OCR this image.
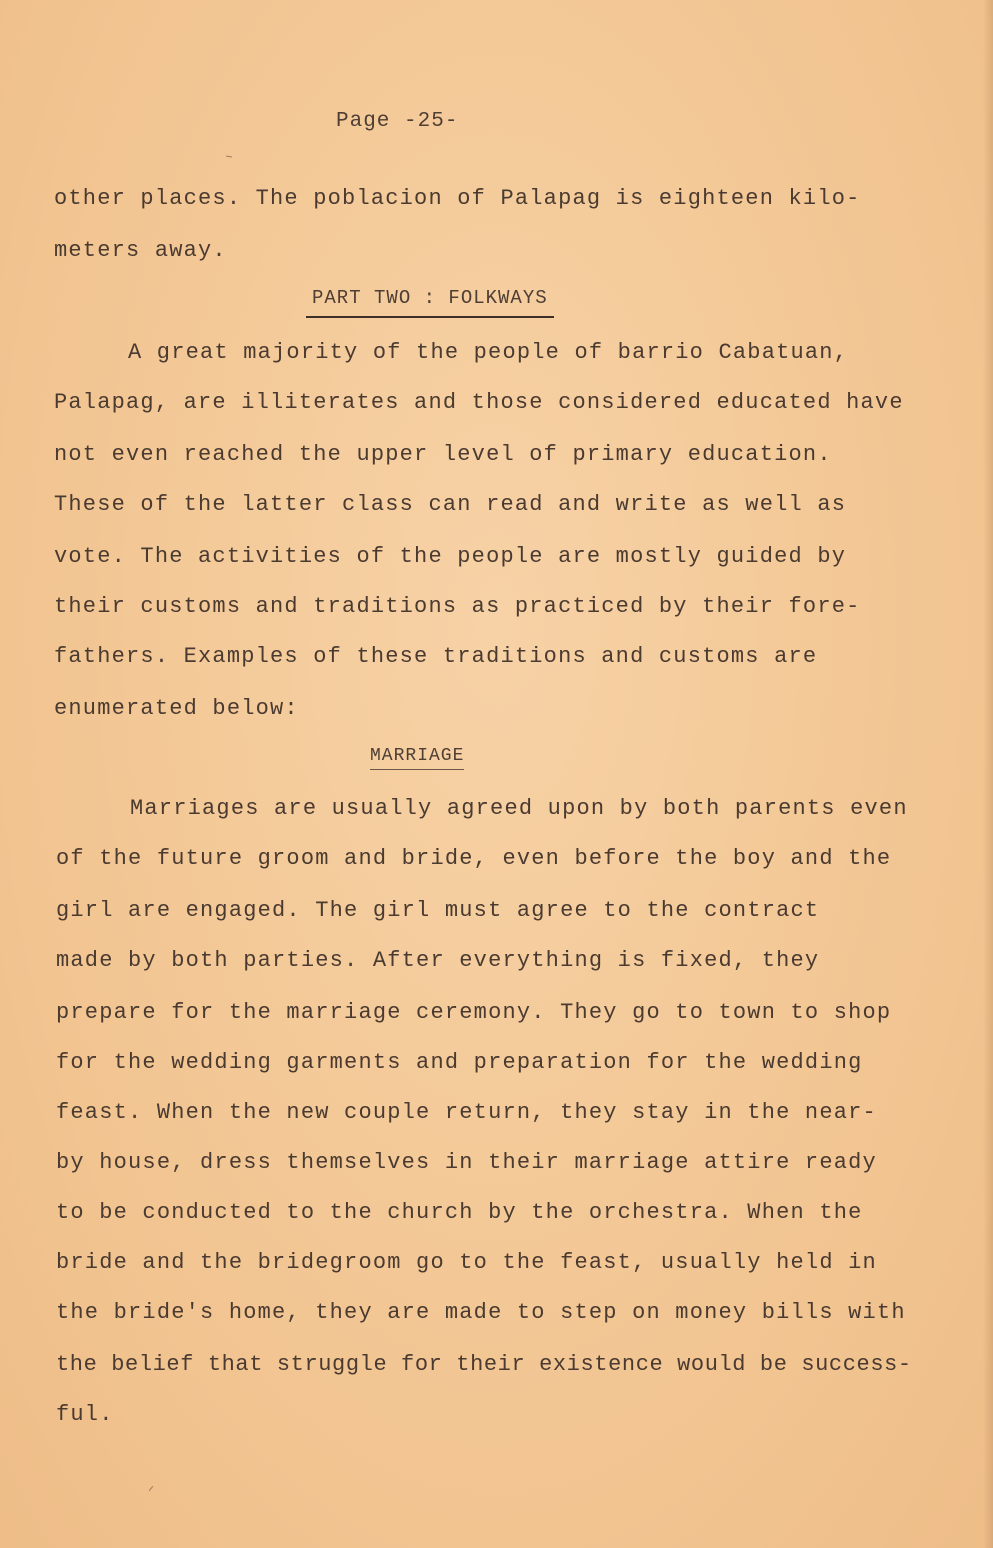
Page -25-
other places. The poblacion of Palapag is eighteen kilo-
meters away.
PART TWO : FOLKWAYS
A great majority of the people of barrio Cabatuan,
Palapag, are illiterates and those considered educated have
not even reached the upper level of primary education.
These of the latter class can read and write as well as
vote. The activities of the people are mostly guided by
their customs and traditions as practiced by their fore-
fathers. Examples of these traditions and customs are
enumerated below:
MARRIAGE
Marriages are usually agreed upon by both parents even
of the future groom and bride, even before the boy and the
girl are engaged. The girl must agree to the contract
made by both parties. After everything is fixed, they
prepare for the marriage ceremony. They go to town to shop
for the wedding garments and preparation for the wedding
feast. When the new couple return, they stay in the near-
by house, dress themselves in their marriage attire ready
to be conducted to the church by the orchestra. When the
bride and the bridegroom go to the feast, usually held in
the bride's home, they are made to step on money bills with
the belief that struggle for their existence would be success-
ful.
